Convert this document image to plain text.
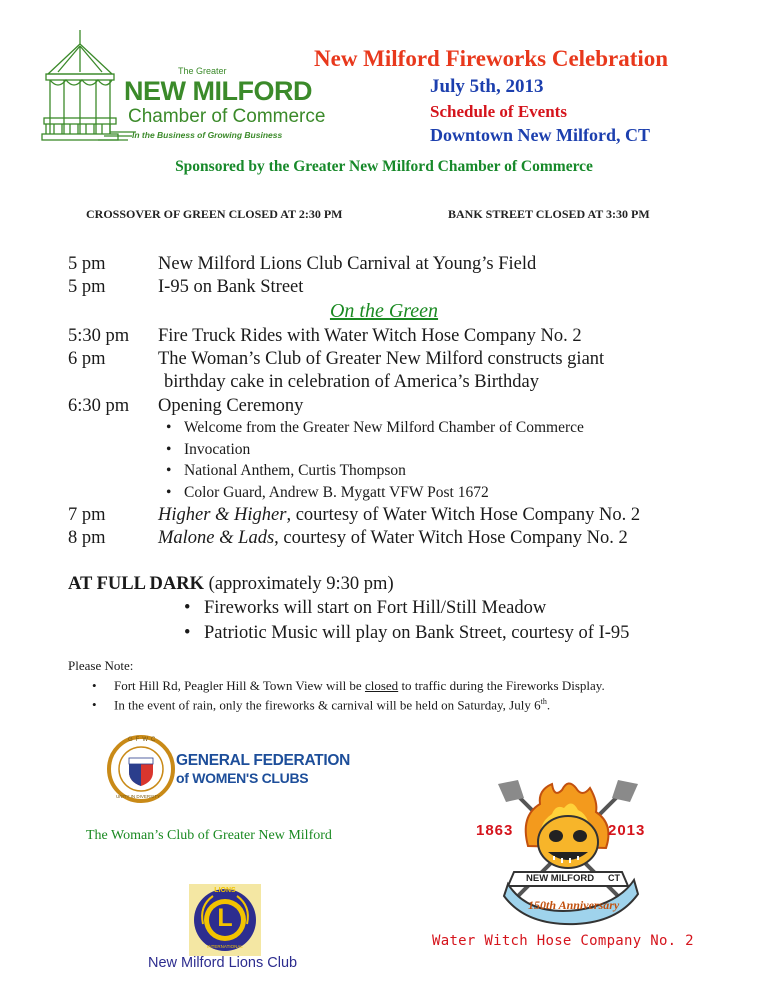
The Greater
NEW MILFORD
Chamber of Commerce
In the Business of Growing Business
New Milford Fireworks Celebration
July 5th, 2013
Schedule of Events
Downtown New Milford, CT
Sponsored by the Greater New Milford Chamber of Commerce
CROSSOVER OF GREEN CLOSED AT 2:30 PM	BANK STREET CLOSED AT 3:30 PM
5 pm	New Milford Lions Club Carnival at Young’s Field
5 pm	I-95 on Bank Street
On the Green
5:30 pm Fire Truck Rides with Water Witch Hose Company No. 2
6 pm	The Woman’s Club of Greater New Milford constructs giant
birthday cake in celebration of America’s Birthday
6:30 pm Opening Ceremony
• Welcome from the Greater New Milford Chamber of Commerce
• Invocation
• National Anthem, Curtis Thompson
• Color Guard, Andrew B. Mygatt VFW Post 1672
7 pm	Higher & Higher, courtesy of Water Witch Hose Company No. 2
8 pm	Malone & Lads, courtesy of Water Witch Hose Company No. 2
AT FULL DARK (approximately 9:30 pm)
• Fireworks will start on Fort Hill/Still Meadow
• Patriotic Music will play on Bank Street, courtesy of I-95
Please Note:
• Fort Hill Rd, Peagler Hill & Town View will be closed to traffic during the Fireworks Display.
• In the event of rain, only the fireworks & carnival will be held on Saturday, July 6th.
GFWC
UNITY IN DIVERSITY
GENERAL FEDERATION
of WOMEN'S CLUBS
The Woman’s Club of Greater New Milford
LIONS
L
INTERNATIONAL
New Milford Lions Club
1863	2013
NEW MILFORD CT
150th Anniversary
Water Witch Hose Company No. 2
